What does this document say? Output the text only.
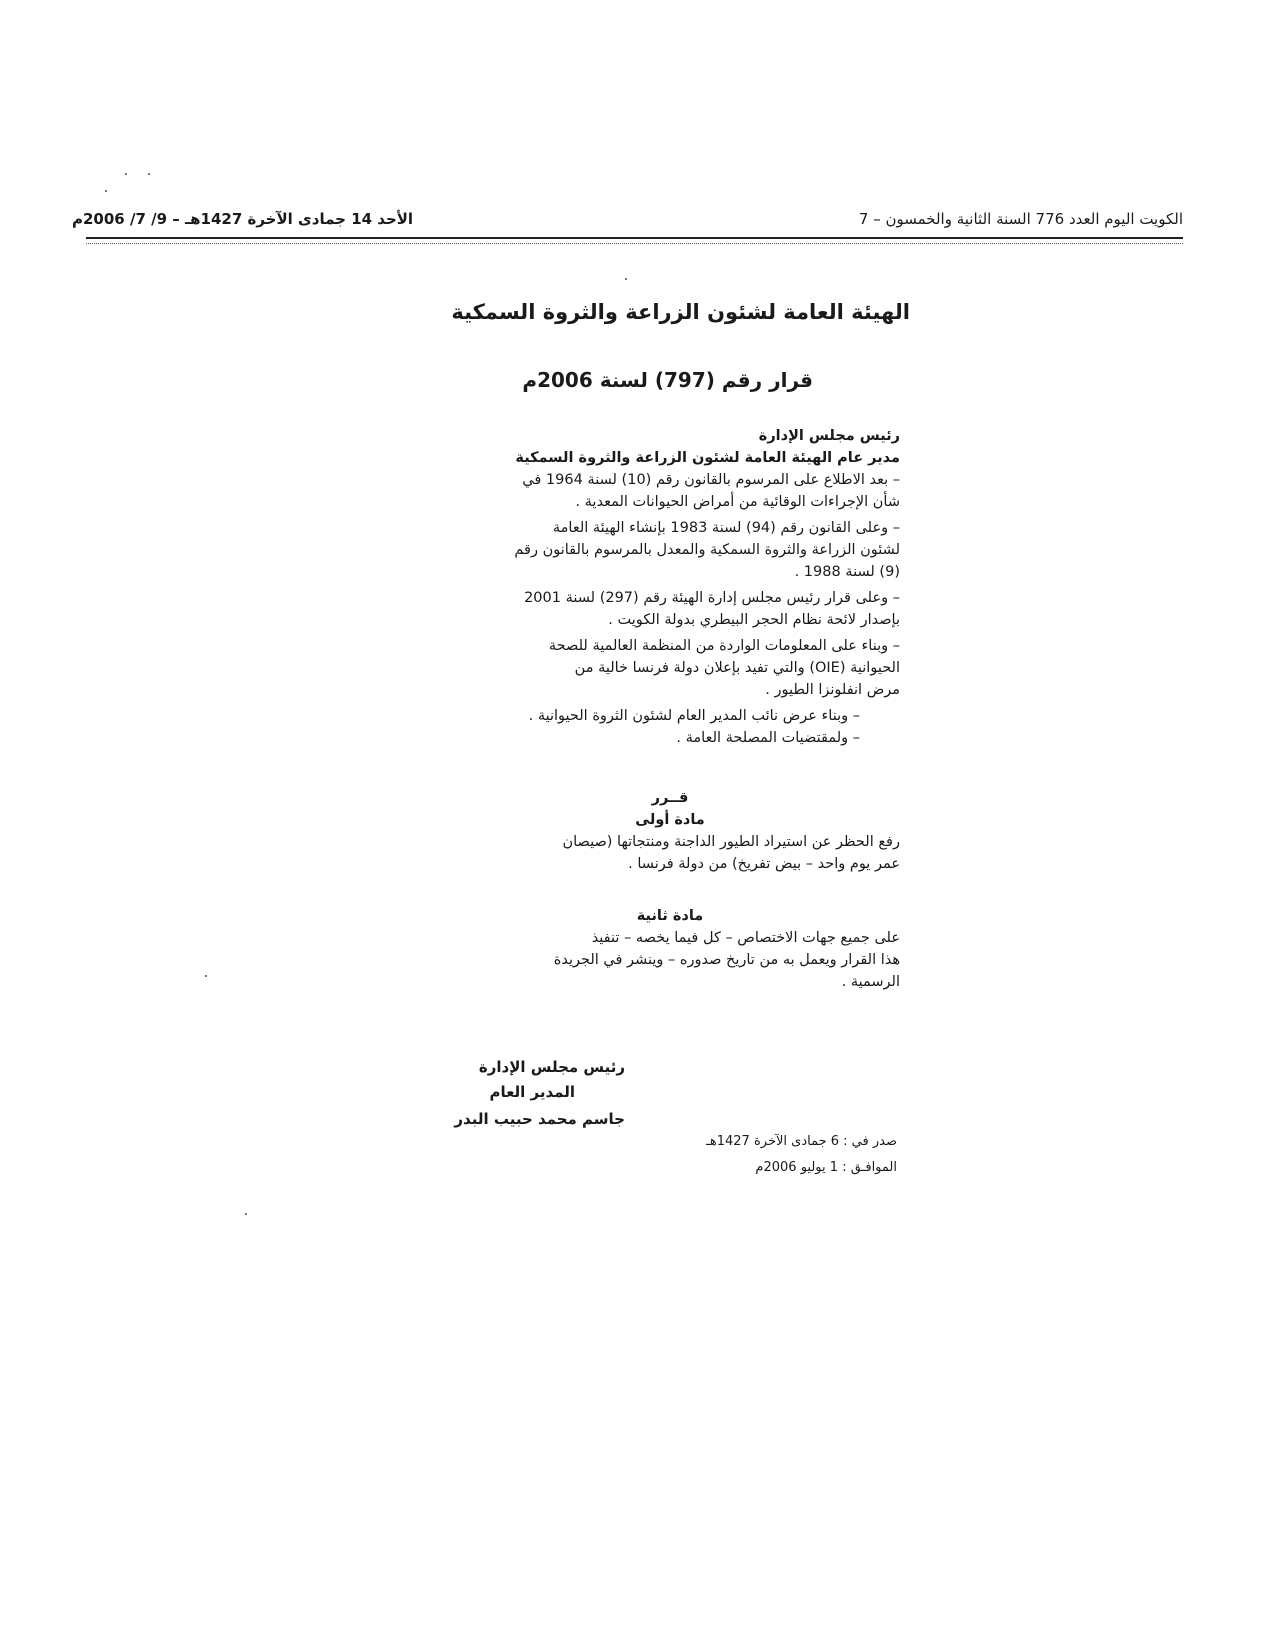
الكويت اليوم العدد 776 السنة الثانية والخمسون – 7
الأحد 14 جمادى الآخرة 1427هـ – 9/ 7/ 2006م
الهيئة العامة لشئون الزراعة والثروة السمكية
قرار رقم (797) لسنة 2006م
رئيس مجلس الإدارة
مدير عام الهيئة العامة لشئون الزراعة والثروة السمكية
– بعد الاطلاع على المرسوم بالقانون رقم (10) لسنة 1964 في
شأن الإجراءات الوقائية من أمراض الحيوانات المعدية .
– وعلى القانون رقم (94) لسنة 1983 بإنشاء الهيئة العامة
لشئون الزراعة والثروة السمكية والمعدل بالمرسوم بالقانون رقم
(9) لسنة 1988 .
– وعلى قرار رئيس مجلس إدارة الهيئة رقم (297) لسنة 2001
بإصدار لائحة نظام الحجر البيطري بدولة الكويت .
– وبناء على المعلومات الواردة من المنظمة العالمية للصحة
الحيوانية (OIE) والتي تفيد بإعلان دولة فرنسا خالية من
مرض انفلونزا الطيور .
– وبناء عرض نائب المدير العام لشئون الثروة الحيوانية .
– ولمقتضيات المصلحة العامة .
قــرر
مادة أولى
رفع الحظر عن استيراد الطيور الداجنة ومنتجاتها (صيصان
عمر يوم واحد – بيض تفريخ) من دولة فرنسا .
مادة ثانية
على جميع جهات الاختصاص – كل فيما يخصه – تنفيذ
هذا القرار ويعمل به من تاريخ صدوره – وينشر في الجريدة
الرسمية .
رئيس مجلس الإدارة
المدير العام
جاسم محمد حبيب البدر
صدر في : 6 جمادى الآخرة 1427هـ
الموافـق : 1 يوليو 2006م
